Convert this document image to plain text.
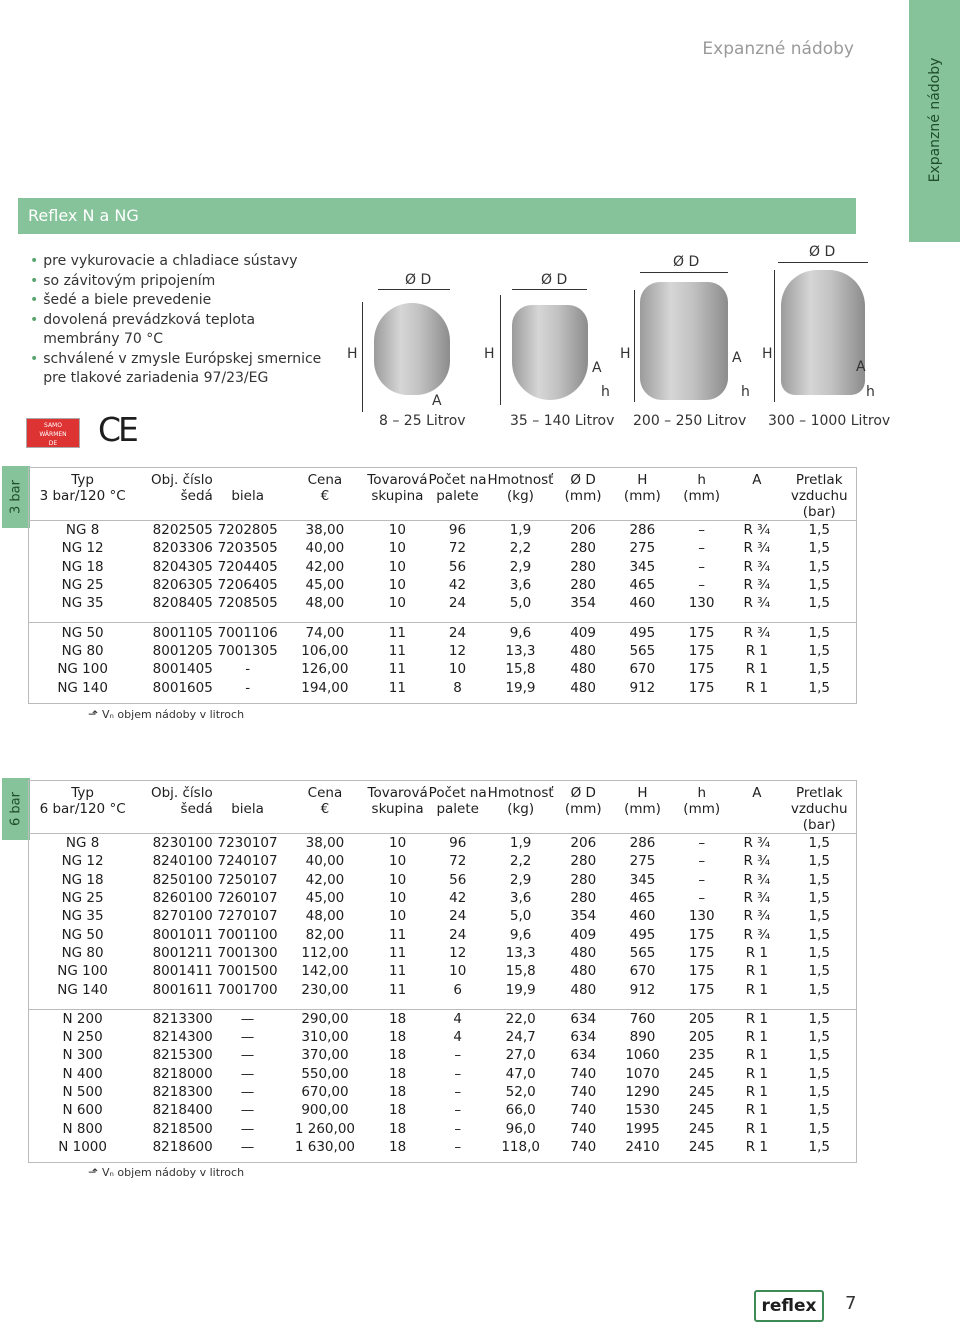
Expanzné nádoby
Expanzné nádoby
Reflex N a NG
• pre vykurovacie a chladiace sústavy
• so závitovým pripojením
• šedé a biele prevedenie
• dovolená prevádzková teplota
membrány 70 °C
• schválené v zmysle Európskej smernice
pre tlakové zariadenia 97/23/EG
SAMO
WÄRMEN
DE	CE
Ø D
H
A
8 – 25 Litrov
Ø D
H
A
h
35 – 140 Litrov
Ø D
H	A
h
200 – 250 Litrov
Ø D
H
A
h
300 – 1000 Litrov
3 bar
Typ
3 bar/120 °C	Obj. číslo
šedá	biela	Cena
€	Tovarová
skupina	Počet na
palete	Hmotnosť
(kg)	Ø D
(mm)	H
(mm)	h
(mm)	A	Pretlak
vzduchu
(bar)
NG 8	8202505	7202805	38,00	10	96	1,9	206	286	–	R ¾	1,5
NG 12	8203306	7203505	40,00	10	72	2,2	280	275	–	R ¾	1,5
NG 18	8204305	7204405	42,00	10	56	2,9	280	345	–	R ¾	1,5
NG 25	8206305	7206405	45,00	10	42	3,6	280	465	–	R ¾	1,5
NG 35	8208405	7208505	48,00	10	24	5,0	354	460	130	R ¾	1,5

NG 50	8001105	7001106	74,00	11	24	9,6	409	495	175	R ¾	1,5
NG 80	8001205	7001305	106,00	11	12	13,3	480	565	175	R 1	1,5
NG 100	8001405	-	126,00	11	10	15,8	480	670	175	R 1	1,5
NG 140	8001605	-	194,00	11	8	19,9	480	912	175	R 1	1,5
⬏ Vₙ objem nádoby v litroch
6 bar	Typ
6 bar/120 °C	Obj. číslo
šedá	biela	Cena
€	Tovarová
skupina	Počet na
palete	Hmotnosť
(kg)	Ø D
(mm)	H
(mm)	h
(mm)	A	Pretlak
vzduchu
(bar)
NG 8	8230100	7230107	38,00	10	96	1,9	206	286	–	R ¾	1,5
NG 12	8240100	7240107	40,00	10	72	2,2	280	275	–	R ¾	1,5
NG 18	8250100	7250107	42,00	10	56	2,9	280	345	–	R ¾	1,5
NG 25	8260100	7260107	45,00	10	42	3,6	280	465	–	R ¾	1,5
NG 35	8270100	7270107	48,00	10	24	5,0	354	460	130	R ¾	1,5
NG 50	8001011	7001100	82,00	11	24	9,6	409	495	175	R ¾	1,5
NG 80	8001211	7001300	112,00	11	12	13,3	480	565	175	R 1	1,5
NG 100	8001411	7001500	142,00	11	10	15,8	480	670	175	R 1	1,5
NG 140	8001611	7001700	230,00	11	6	19,9	480	912	175	R 1	1,5

N 200	8213300	—	290,00	18	4	22,0	634	760	205	R 1	1,5
N 250	8214300	—	310,00	18	4	24,7	634	890	205	R 1	1,5
N 300	8215300	—	370,00	18	–	27,0	634	1060	235	R 1	1,5
N 400	8218000	—	550,00	18	–	47,0	740	1070	245	R 1	1,5
N 500	8218300	—	670,00	18	–	52,0	740	1290	245	R 1	1,5
N 600	8218400	—	900,00	18	–	66,0	740	1530	245	R 1	1,5
N 800	8218500	—	1 260,00	18	–	96,0	740	1995	245	R 1	1,5
N 1000	8218600	—	1 630,00	18	–	118,0	740	2410	245	R 1	1,5
⬏ Vₙ objem nádoby v litroch
reflex	7
